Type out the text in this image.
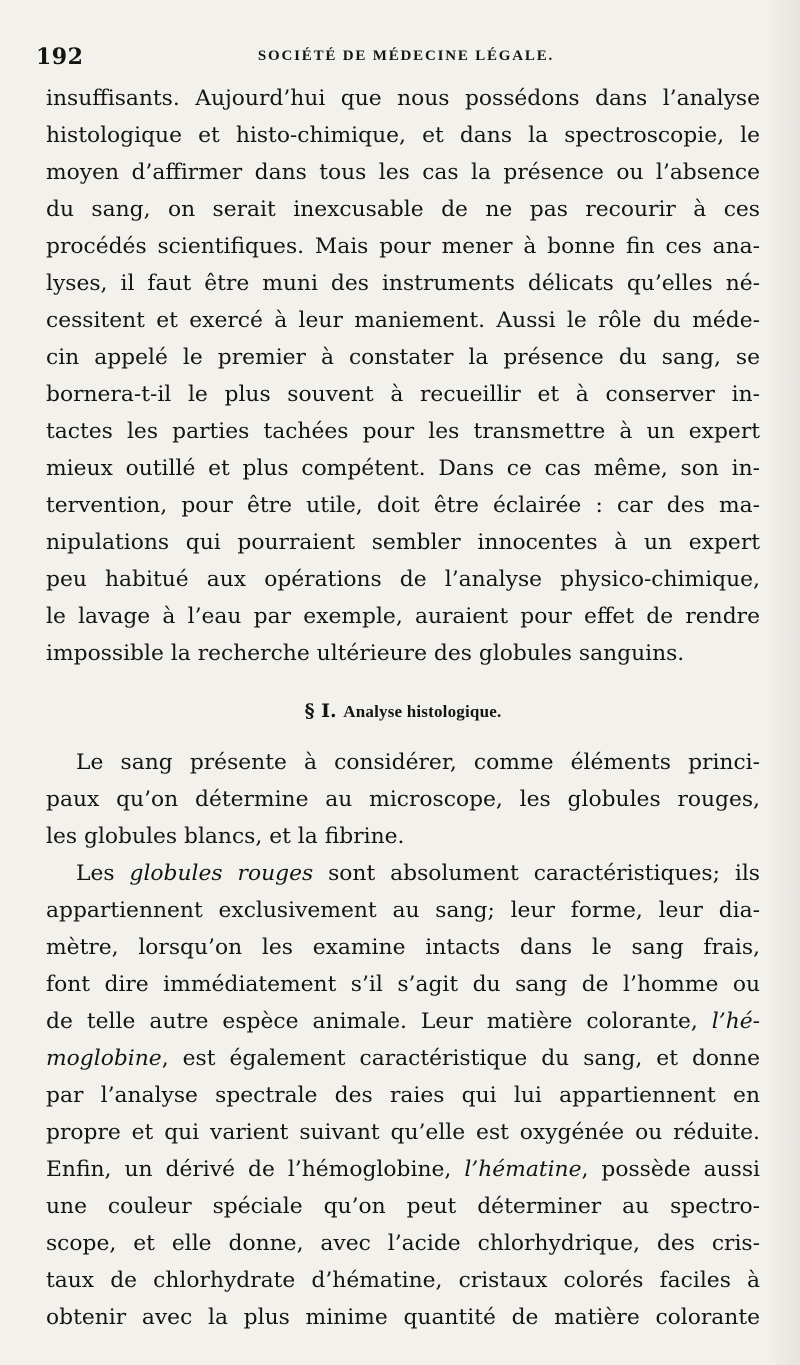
192	SOCIÉTÉ DE MÉDECINE LÉGALE.
insuffisants. Aujourd’hui que nous possédons dans l’analyse
histologique et histo-chimique, et dans la spectroscopie, le
moyen d’affirmer dans tous les cas la présence ou l’absence
du sang, on serait inexcusable de ne pas recourir à ces
procédés scientifiques. Mais pour mener à bonne fin ces ana-
lyses, il faut être muni des instruments délicats qu’elles né-
cessitent et exercé à leur maniement. Aussi le rôle du méde-
cin appelé le premier à constater la présence du sang, se
bornera-t-il le plus souvent à recueillir et à conserver in-
tactes les parties tachées pour les transmettre à un expert
mieux outillé et plus compétent. Dans ce cas même, son in-
tervention, pour être utile, doit être éclairée : car des ma-
nipulations qui pourraient sembler innocentes à un expert
peu habitué aux opérations de l’analyse physico-chimique,
le lavage à l’eau par exemple, auraient pour effet de rendre
impossible la recherche ultérieure des globules sanguins.
§ I. Analyse histologique.
Le sang présente à considérer, comme éléments princi-
paux qu’on détermine au microscope, les globules rouges,
les globules blancs, et la fibrine.
Les globules rouges sont absolument caractéristiques; ils
appartiennent exclusivement au sang; leur forme, leur dia-
mètre, lorsqu’on les examine intacts dans le sang frais,
font dire immédiatement s’il s’agit du sang de l’homme ou
de telle autre espèce animale. Leur matière colorante, l’hé-
moglobine, est également caractéristique du sang, et donne
par l’analyse spectrale des raies qui lui appartiennent en
propre et qui varient suivant qu’elle est oxygénée ou réduite.
Enfin, un dérivé de l’hémoglobine, l’hématine, possède aussi
une couleur spéciale qu’on peut déterminer au spectro-
scope, et elle donne, avec l’acide chlorhydrique, des cris-
taux de chlorhydrate d’hématine, cristaux colorés faciles à
obtenir avec la plus minime quantité de matière colorante
